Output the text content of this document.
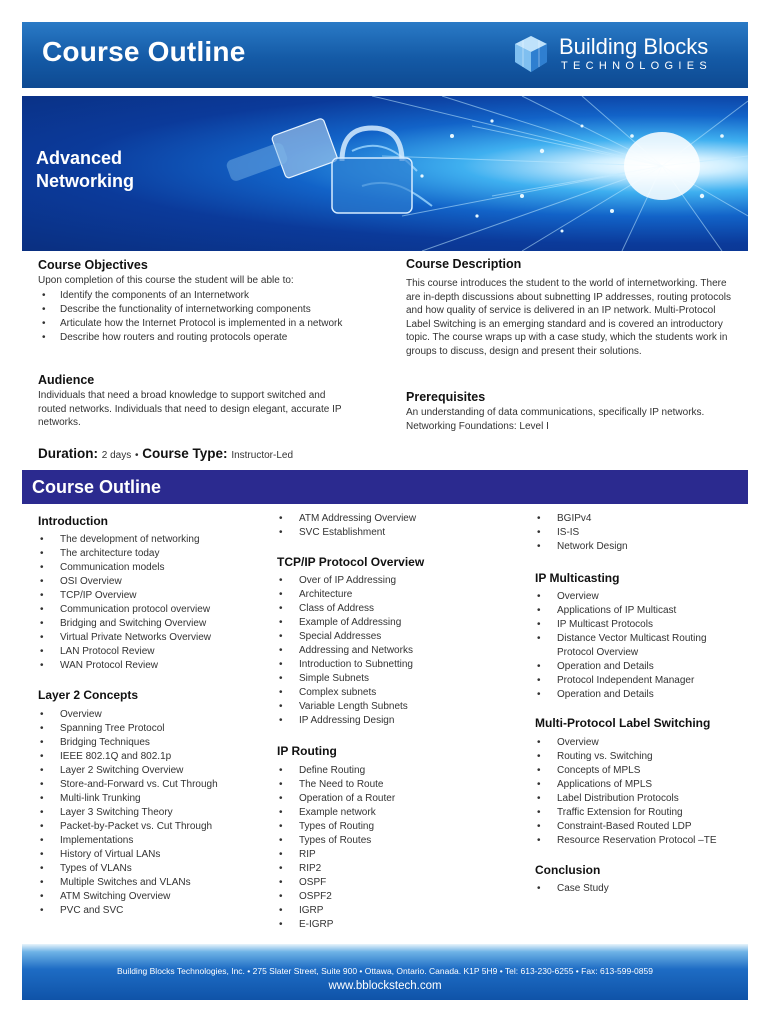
Course Outline	Building Blocks
TECHNOLOGIES
Advanced
Networking
Course Objectives
Upon completion of this course the student will be able to:
• Identify the components of an Internetwork
• Describe the functionality of internetworking components
• Articulate how the Internet Protocol is implemented in a network
• Describe how routers and routing protocols operate
Audience
Individuals that need a broad knowledge to support switched and routed networks. Individuals that need to design elegant, accurate IP networks.
Course Description
This course introduces the student to the world of internetworking. There are in-depth discussions about subnetting IP addresses, routing protocols and how quality of service is delivered in an IP network. Multi-Protocol Label Switching is an emerging standard and is covered an introductory topic. The course wraps up with a case study, which the students work in groups to discuss, design and present their solutions.
Prerequisites
An understanding of data communications, specifically IP networks. Networking Foundations: Level I
Duration: 2 days • Course Type: Instructor-Led
Course Outline
Introduction
• The development of networking
• The architecture today
• Communication models
• OSI Overview
• TCP/IP Overview
• Communication protocol overview
• Bridging and Switching Overview
• Virtual Private Networks Overview
• LAN Protocol Review
• WAN Protocol Review
Layer 2 Concepts
• Overview
• Spanning Tree Protocol
• Bridging Techniques
• IEEE 802.1Q and 802.1p
• Layer 2 Switching Overview
• Store-and-Forward vs. Cut Through
• Multi-link Trunking
• Layer 3 Switching Theory
• Packet-by-Packet vs. Cut Through
• Implementations
• History of Virtual LANs
• Types of VLANs
• Multiple Switches and VLANs
• ATM Switching Overview
• PVC and SVC
• ATM Addressing Overview
• SVC Establishment
TCP/IP Protocol Overview
• Over of IP Addressing
• Architecture
• Class of Address
• Example of Addressing
• Special Addresses
• Addressing and Networks
• Introduction to Subnetting
• Simple Subnets
• Complex subnets
• Variable Length Subnets
• IP Addressing Design
IP Routing
• Define Routing
• The Need to Route
• Operation of a Router
• Example network
• Types of Routing
• Types of Routes
• RIP
• RIP2
• OSPF
• OSPF2
• IGRP
• E-IGRP
• BGIPv4
• IS-IS
• Network Design
IP Multicasting
• Overview
• Applications of IP Multicast
• IP Multicast Protocols
• Distance Vector Multicast Routing Protocol Overview
• Operation and Details
• Protocol Independent Manager
• Operation and Details
Multi-Protocol Label Switching
• Overview
• Routing vs. Switching
• Concepts of MPLS
• Applications of MPLS
• Label Distribution Protocols
• Traffic Extension for Routing
• Constraint-Based Routed LDP
• Resource Reservation Protocol –TE
Conclusion
• Case Study
Building Blocks Technologies, Inc. • 275 Slater Street, Suite 900 • Ottawa, Ontario. Canada. K1P 5H9 • Tel: 613-230-6255 • Fax: 613-599-0859
www.bblockstech.com
